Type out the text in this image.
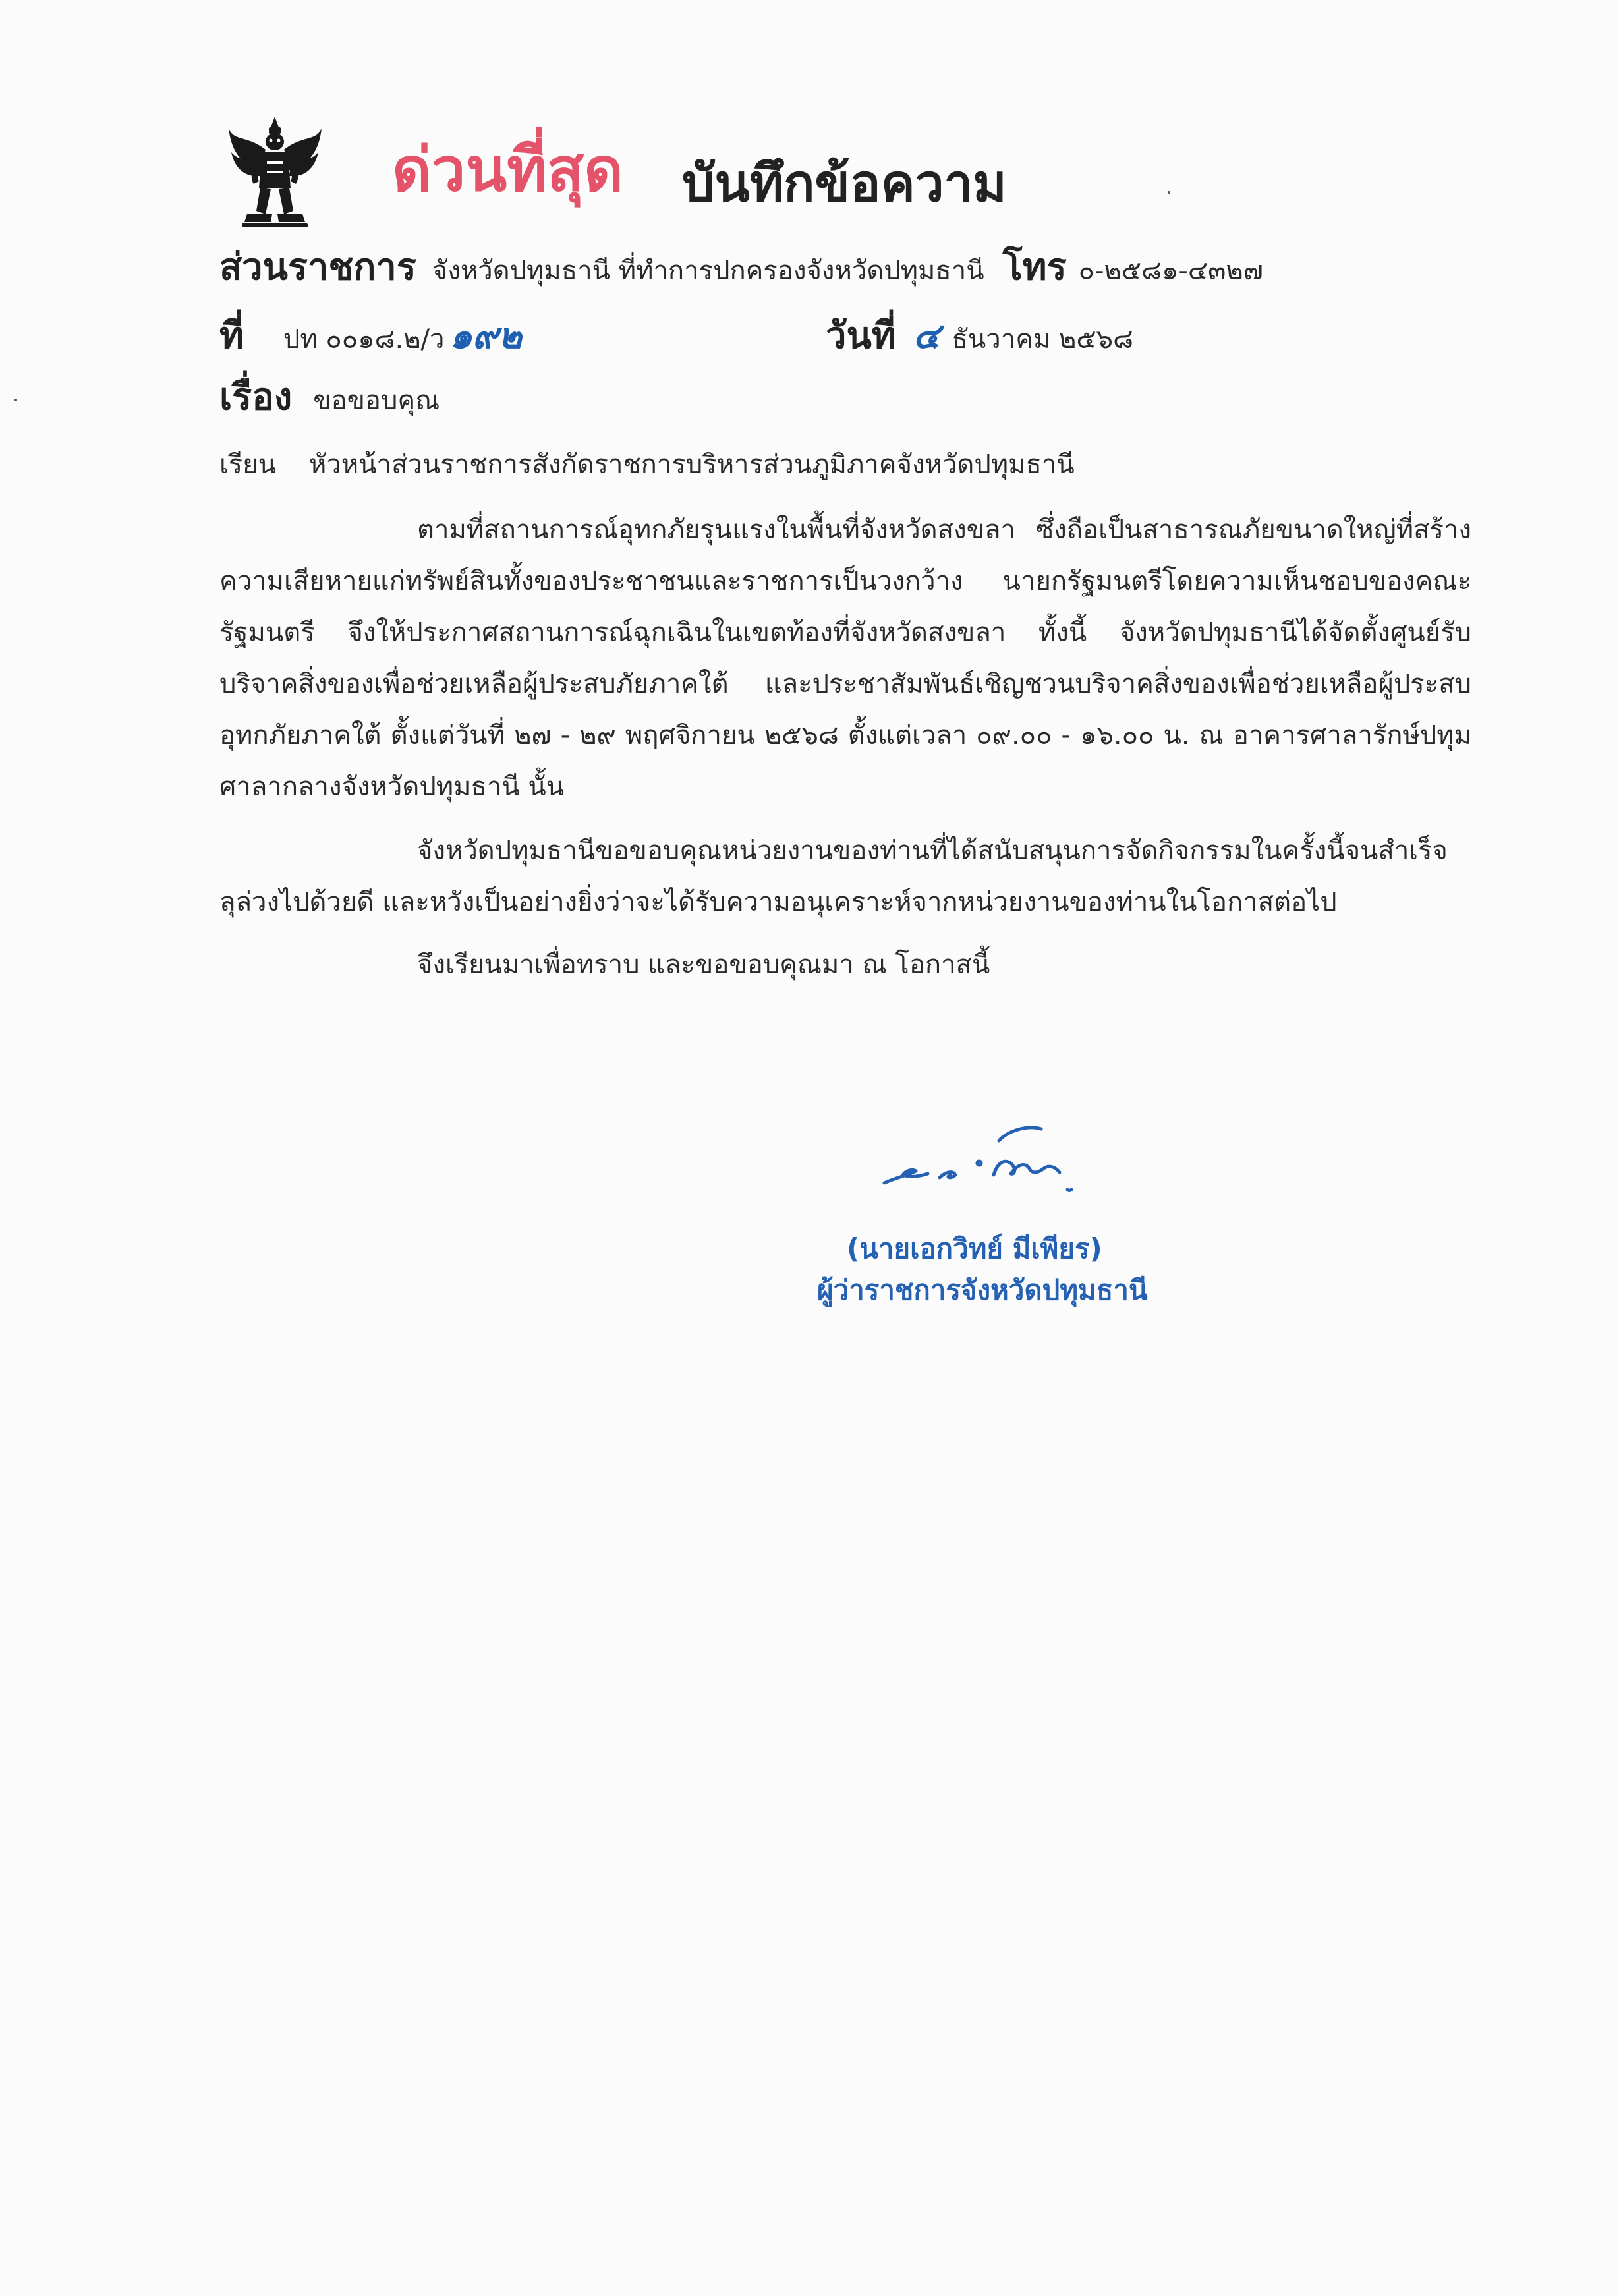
ด่วนที่สุด บันทึกข้อความ
ส่วนราชการ จังหวัดปทุมธานี ที่ทำการปกครองจังหวัดปทุมธานี โทร ๐-๒๕๘๑-๔๓๒๗
ที่ ปท ๐๐๑๘.๒/ว ๑๙๒	วันที่ ๔ ธันวาคม ๒๕๖๘
เรื่อง ขอขอบคุณ
เรียน หัวหน้าส่วนราชการสังกัดราชการบริหารส่วนภูมิภาคจังหวัดปทุมธานี
ตามที่สถานการณ์อุทกภัยรุนแรงในพื้นที่จังหวัดสงขลา ซึ่งถือเป็นสาธารณภัยขนาดใหญ่ที่สร้างความเสียหายแก่ทรัพย์สินทั้งของประชาชนและราชการเป็นวงกว้าง นายกรัฐมนตรีโดยความเห็นชอบของคณะรัฐมนตรี จึงให้ประกาศสถานการณ์ฉุกเฉินในเขตท้องที่จังหวัดสงขลา ทั้งนี้ จังหวัดปทุมธานีได้จัดตั้งศูนย์รับบริจาคสิ่งของเพื่อช่วยเหลือผู้ประสบภัยภาคใต้ และประชาสัมพันธ์เชิญชวนบริจาคสิ่งของเพื่อช่วยเหลือผู้ประสบอุทกภัยภาคใต้ ตั้งแต่วันที่ ๒๗ - ๒๙ พฤศจิกายน ๒๕๖๘ ตั้งแต่เวลา ๐๙.๐๐ - ๑๖.๐๐ น. ณ อาคารศาลารักษ์ปทุม ศาลากลางจังหวัดปทุมธานี นั้น
จังหวัดปทุมธานีขอขอบคุณหน่วยงานของท่านที่ได้สนับสนุนการจัดกิจกรรมในครั้งนี้จนสำเร็จลุล่วงไปด้วยดี และหวังเป็นอย่างยิ่งว่าจะได้รับความอนุเคราะห์จากหน่วยงานของท่านในโอกาสต่อไป
จึงเรียนมาเพื่อทราบ และขอขอบคุณมา ณ โอกาสนี้
(นายเอกวิทย์ มีเพียร)
ผู้ว่าราชการจังหวัดปทุมธานี
